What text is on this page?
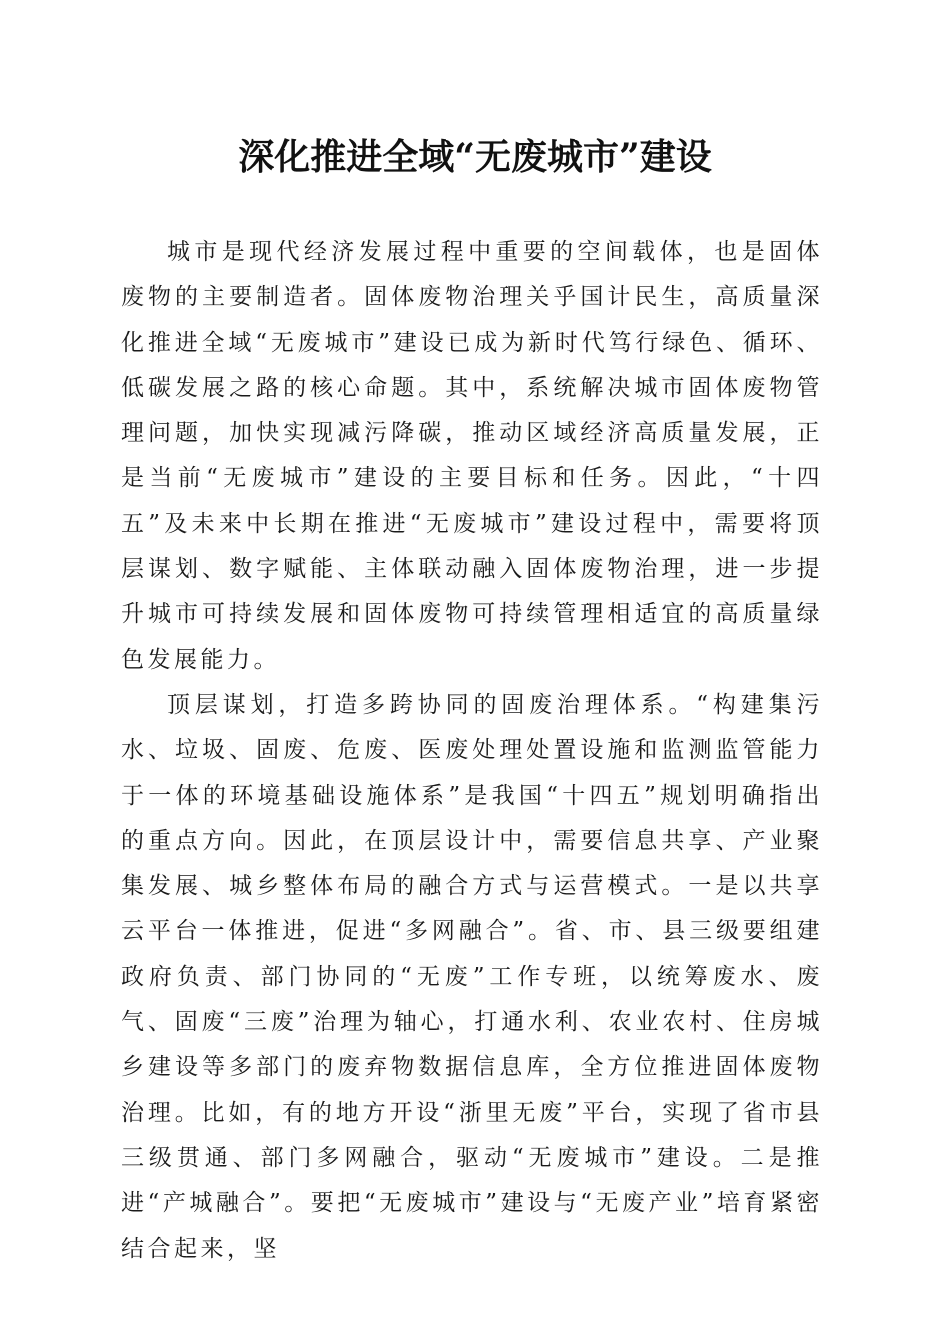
深化推进全域“无废城市”建设

城市是现代经济发展过程中重要的空间载体，也是固体废物的主要制造者。固体废物治理关乎国计民生，高质量深化推进全域“无废城市”建设已成为新时代笃行绿色、循环、低碳发展之路的核心命题。其中，系统解决城市固体废物管理问题，加快实现减污降碳，推动区域经济高质量发展，正是当前“无废城市”建设的主要目标和任务。因此，“十四五”及未来中长期在推进“无废城市”建设过程中，需要将顶层谋划、数字赋能、主体联动融入固体废物治理，进一步提升城市可持续发展和固体废物可持续管理相适宜的高质量绿色发展能力。

顶层谋划，打造多跨协同的固废治理体系。“构建集污水、垃圾、固废、危废、医废处理处置设施和监测监管能力于一体的环境基础设施体系”是我国“十四五”规划明确指出的重点方向。因此，在顶层设计中，需要信息共享、产业聚集发展、城乡整体布局的融合方式与运营模式。一是以共享云平台一体推进，促进“多网融合”。省、市、县三级要组建政府负责、部门协同的“无废”工作专班，以统筹废水、废气、固废“三废”治理为轴心，打通水利、农业农村、住房城乡建设等多部门的废弃物数据信息库，全方位推进固体废物治理。比如，有的地方开设“浙里无废”平台，实现了省市县三级贯通、部门多网融合，驱动“无废城市”建设。二是推进“产城融合”。要把“无废城市”建设与“无废产业”培育紧密结合起来，坚
